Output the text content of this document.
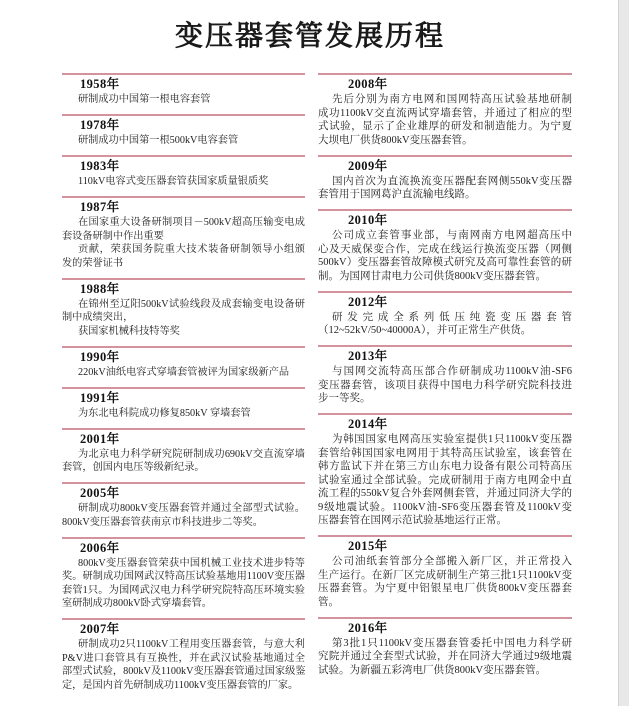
变压器套管发展历程
1958年
研制成功中国第一根电容套管
1978年
研制成功中国第一根500kV电容套管
1983年
110kV电容式变压器套管获国家质量银质奖
1987年
在国家重大设备研制项目－500kV超高压输变电成
套设备研制中作出重要
贡献，荣获国务院重大技术装备研制领导小组颁
发的荣誉证书
1988年
在锦州至辽阳500kV试验线段及成套输变电设备研
制中成绩突出，
获国家机械科技特等奖
1990年
220kV油纸电容式穿墙套管被评为国家级新产品
1991年
为东北电科院成功修复850kV 穿墙套管
2001年
为北京电力科学研究院研制成功690kV交直流穿墙
套管，创国内电压等级新纪录。
2005年
研制成功800kV变压器套管并通过全部型式试验。
800kV变压器套管获南京市科技进步二等奖。
2006年
800kV变压器套管荣获中国机械工业技术进步特等
奖。研制成功国网武汉特高压试验基地用1100V变压器
套管1只。为国网武汉电力科学研究院特高压环境实验
室研制成功800kV卧式穿墙套管。
2007年
研制成功2只1100kV工程用变压器套管，与意大利
P&V进口套管具有互换性，并在武汉试验基地通过全
部型式试验，800kV及1100kV变压器套管通过国家级鉴
定，是国内首先研制成功1100kV变压器套管的厂家。
2008年
先后分别为南方电网和国网特高压试验基地研制
成功1100kV交直流两试穿墙套管，并通过了相应的型
式试验，显示了企业雄厚的研发和制造能力。为宁夏
大坝电厂供货800kV变压器套管。
2009年
国内首次为直流换流变压器配套网侧550kV变压器
套管用于国网葛沪直流输电线路。
2010年
公司成立套管事业部，与南网南方电网超高压中
心及天威保变合作，完成在线运行换流变压器（网侧
500kV）变压器套管故障模式研究及高可靠性套管的研
制。为国网甘肃电力公司供货800kV变压器套管。
2012年
研发完成全系列低压纯瓷变压器套管
（12~52kV/50~40000A），并可正常生产供货。
2013年
与国网交流特高压部合作研制成功1100kV油-SF6
变压器套管，该项目获得中国电力科学研究院科技进
步一等奖。
2014年
为韩国国家电网高压实验室提供1只1100kV变压器
套管给韩国国家电网用于其特高压试验室，该套管在
韩方监试下并在第三方山东电力设备有限公司特高压
试验室通过全部试验。完成研制用于南方电网金中直
流工程的550kV复合外套网侧套管，并通过同济大学的
9级地震试验。1100kV油-SF6变压器套管及1100kV变
压器套管在国网示范试验基地运行正常。
2015年
公司油纸套管部分全部搬入新厂区，并正常投入
生产运行。在新厂区完成研制生产第三批1只1100kV变
压器套管。为宁夏中铝银星电厂供货800kV变压器套
管。
2016年
第3批1只1100kV变压器套管委托中国电力科学研
究院并通过全套型式试验，并在同济大学通过9级地震
试验。为新疆五彩湾电厂供货800kV变压器套管。
